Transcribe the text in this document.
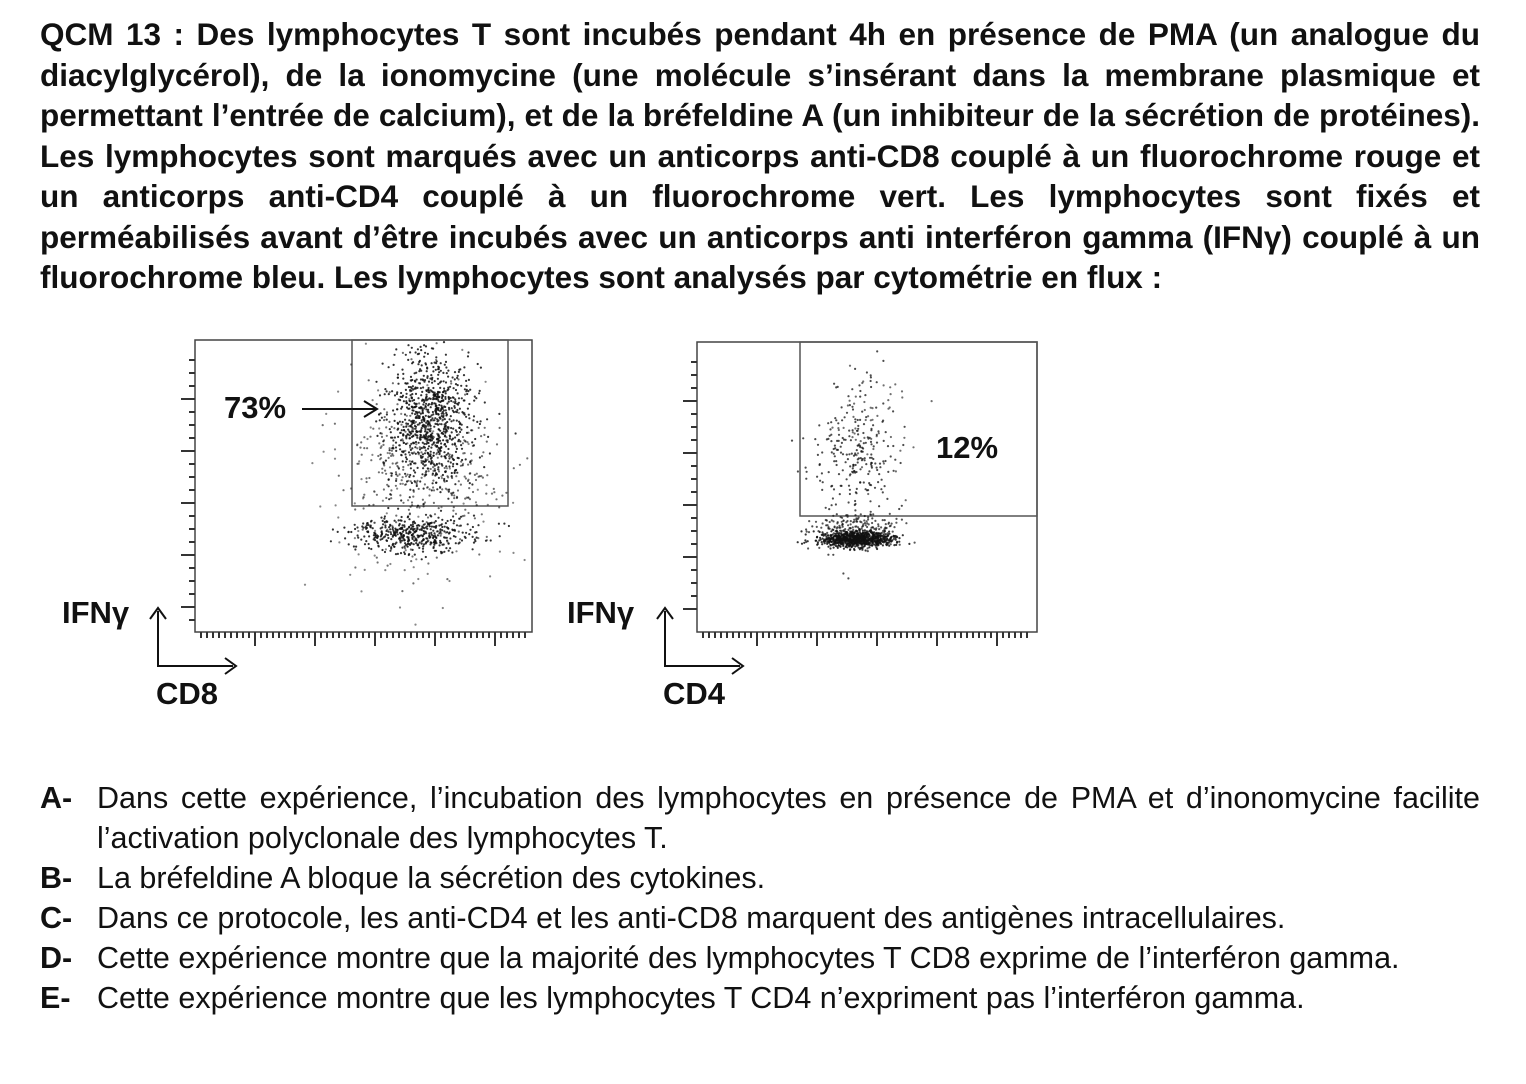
QCM 13 : Des lymphocytes T sont incubés pendant 4h en présence de PMA (un analogue du diacylglycérol), de la ionomycine (une molécule s’insérant dans la membrane plasmique et permettant l’entrée de calcium), et de la bréfeldine A (un inhibiteur de la sécrétion de protéines). Les lymphocytes sont marqués avec un anticorps anti-CD8 couplé à un fluorochrome rouge et un anticorps anti-CD4 couplé à un fluorochrome vert. Les lymphocytes sont fixés et perméabilisés avant d’être incubés avec un anticorps anti interféron gamma (IFNγ) couplé à un fluorochrome bleu. Les lymphocytes sont analysés par cytométrie en flux :

73%
IFNγ
CD8
12%
IFNγ
CD4
A- Dans cette expérience, l’incubation des lymphocytes en présence de PMA et d’inonomycine facilite l’activation polyclonale des lymphocytes T.
B- La bréfeldine A bloque la sécrétion des cytokines.
C- Dans ce protocole, les anti-CD4 et les anti-CD8 marquent des antigènes intracellulaires.
D- Cette expérience montre que la majorité des lymphocytes T CD8 exprime de l’interféron gamma.
E- Cette expérience montre que les lymphocytes T CD4 n’expriment pas l’interféron gamma.
